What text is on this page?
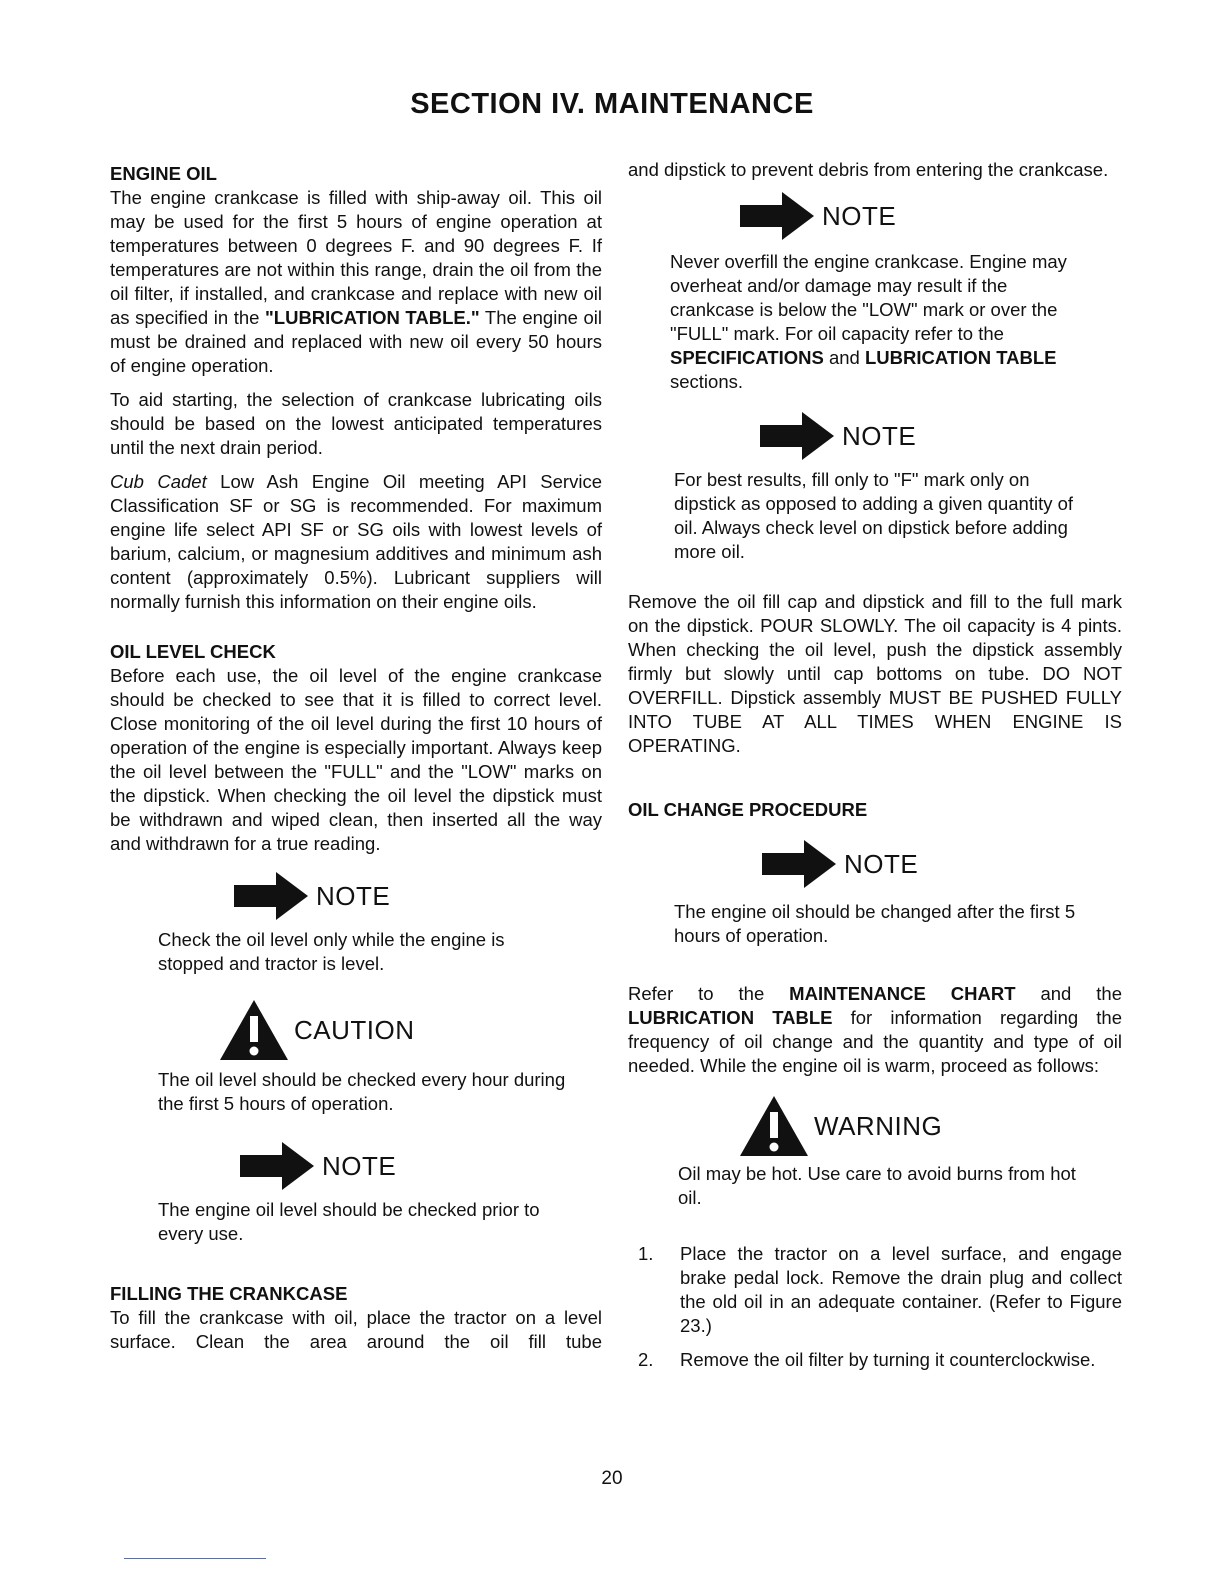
SECTION IV. MAINTENANCE
ENGINE OIL

The engine crankcase is filled with ship-away oil. This oil may be used for the first 5 hours of engine operation at temperatures between 0 degrees F. and 90 degrees F. If temperatures are not within this range, drain the oil from the oil filter, if installed, and crankcase and replace with new oil as specified in the "LUBRICATION TABLE." The engine oil must be drained and replaced with new oil every 50 hours of engine operation.

To aid starting, the selection of crankcase lubricating oils should be based on the lowest anticipated temperatures until the next drain period.

Cub Cadet Low Ash Engine Oil meeting API Service Classification SF or SG is recommended. For maximum engine life select API SF or SG oils with lowest levels of barium, calcium, or magnesium additives and minimum ash content (approximately 0.5%). Lubricant suppliers will normally furnish this information on their engine oils.

OIL LEVEL CHECK

Before each use, the oil level of the engine crankcase should be checked to see that it is filled to correct level. Close monitoring of the oil level during the first 10 hours of operation of the engine is especially important. Always keep the oil level between the "FULL" and the "LOW" marks on the dipstick. When checking the oil level the dipstick must be withdrawn and wiped clean, then inserted all the way and withdrawn for a true reading.

NOTE

Check the oil level only while the engine is stopped and tractor is level.

CAUTION

The oil level should be checked every hour during the first 5 hours of operation.

NOTE

The engine oil level should be checked prior to every use.

FILLING THE CRANKCASE

To fill the crankcase with oil, place the tractor on a level surface. Clean the area around the oil fill tube

and dipstick to prevent debris from entering the crankcase.

NOTE

Never overfill the engine crankcase. Engine may overheat and/or damage may result if the crankcase is below the "LOW" mark or over the "FULL" mark. For oil capacity refer to the SPECIFICATIONS and LUBRICATION TABLE sections.

NOTE

For best results, fill only to "F" mark only on dipstick as opposed to adding a given quantity of oil. Always check level on dipstick before adding more oil.

Remove the oil fill cap and dipstick and fill to the full mark on the dipstick. POUR SLOWLY. The oil capacity is 4 pints. When checking the oil level, push the dipstick assembly firmly but slowly until cap bottoms on tube. DO NOT OVERFILL. Dipstick assembly MUST BE PUSHED FULLY INTO TUBE AT ALL TIMES WHEN ENGINE IS OPERATING.

OIL CHANGE PROCEDURE
NOTE

The engine oil should be changed after the first 5 hours of operation.

Refer to the MAINTENANCE CHART and the LUBRICATION TABLE for information regarding the frequency of oil change and the quantity and type of oil needed. While the engine oil is warm, proceed as follows:

WARNING

Oil may be hot. Use care to avoid burns from hot oil.

1.	Place the tractor on a level surface, and engage brake pedal lock. Remove the drain plug and collect the old oil in an adequate container. (Refer to Figure 23.)
2.	Remove the oil filter by turning it counterclockwise.
20
